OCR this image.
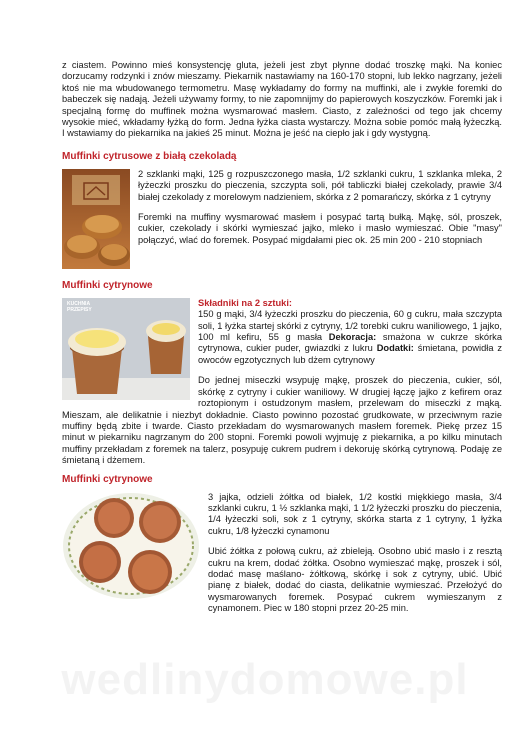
z ciastem. Powinno mieś konsystencję gluta, jeżeli jest zbyt płynne dodać troszkę mąki. Na koniec dorzucamy rodzynki i znów mieszamy. Piekarnik nastawiamy na 160-170 stopni, lub lekko nagrzany, jeżeli ktoś nie ma wbudowanego termometru. Masę wykładamy do formy na muffinki, ale i zwykłe foremki do babeczek się nadają. Jeżeli używamy formy, to nie zapomnijmy do papierowych koszyczków. Foremki jak i specjalną formę do muffinek można wysmarować masłem. Ciasto, z zależności od tego jak chcemy wysokie mieć, wkładamy łyżką do form. Jedna łyżka ciasta wystarczy. Można sobie pomóc małą łyżeczką. I wstawiamy do piekarnika na jakieś 25 minut. Można je jeść na ciepło jak i gdy wystygną.

Muffinki cytrusowe z białą czekoladą

2 szklanki mąki, 125 g rozpuszczonego masła, 1/2 szklanki cukru, 1 szklanka mleka, 2 łyżeczki proszku do pieczenia, szczypta soli, pół tabliczki białej czekolady, prawie 3/4 białej czekolady z morelowym nadzieniem, skórka z 2 pomarańczy, skórka z 1 cytryny

Foremki na muffiny wysmarować masłem i posypać tartą bułką. Mąkę, sól, proszek, cukier, czekolady i skórki wymieszać jajko, mleko i masło wymieszać. Obie "masy" połączyć, wlać do foremek. Posypać migdałami piec ok. 25 min 200 - 210 stopniach

Muffinki cytrynowe
KUCHNIA PRZEPISY

Składniki na 2 sztuki:

150 g mąki, 3/4 łyżeczki proszku do pieczenia, 60 g cukru, mała szczypta soli, 1 łyżka startej skórki z cytryny, 1/2 torebki cukru waniliowego, 1 jajko, 100 ml kefiru, 55 g masła Dekoracja: smażona w cukrze skórka cytrynowa, cukier puder, gwiazdki z lukru Dodatki: śmietana, powidła z owoców egzotycznych lub dżem cytrynowy

Do jednej miseczki wsypuję mąkę, proszek do pieczenia, cukier, sól, skórkę z cytryny i cukier waniliowy. W drugiej łączę jajko z kefirem oraz roztopionym i ostudzonym masłem, przelewam do miseczki z mąką. Mieszam, ale delikatnie i niezbyt dokładnie. Ciasto powinno pozostać grudkowate, w przeciwnym razie muffiny będą zbite i twarde. Ciasto przekładam do wysmarowanych masłem foremek. Piekę przez 15 minut w piekarniku nagrzanym do 200 stopni. Foremki powoli wyjmuję z piekarnika, a po kilku minutach muffiny przekładam z foremek na talerz, posypuję cukrem pudrem i dekoruję skórką cytrynową. Podaję ze śmietaną i dżemem.

Muffinki cytrynowe

3 jajka, odzieli żółtka od białek, 1/2 kostki miękkiego masła, 3/4 szklanki cukru, 1 ½ szklanka mąki, 1 1/2 łyżeczki proszku do pieczenia, 1/4 łyżeczki soli, sok z 1 cytryny, skórka starta z 1 cytryny, 1 łyżka cukru, 1/8 łyżeczki cynamonu

Ubić żółtka z połową cukru, aż zbieleją. Osobno ubić masło i z resztą cukru na krem, dodać żółtka. Osobno wymieszać mąkę, proszek i sól, dodać masę maślano- żółtkową, skórkę i sok z cytryny, ubić. Ubić pianę z białek, dodać do ciasta, delikatnie wymieszać. Przełożyć do wysmarowanych foremek. Posypać cukrem wymieszanym z cynamonem. Piec w 180 stopni przez 20-25 min.
